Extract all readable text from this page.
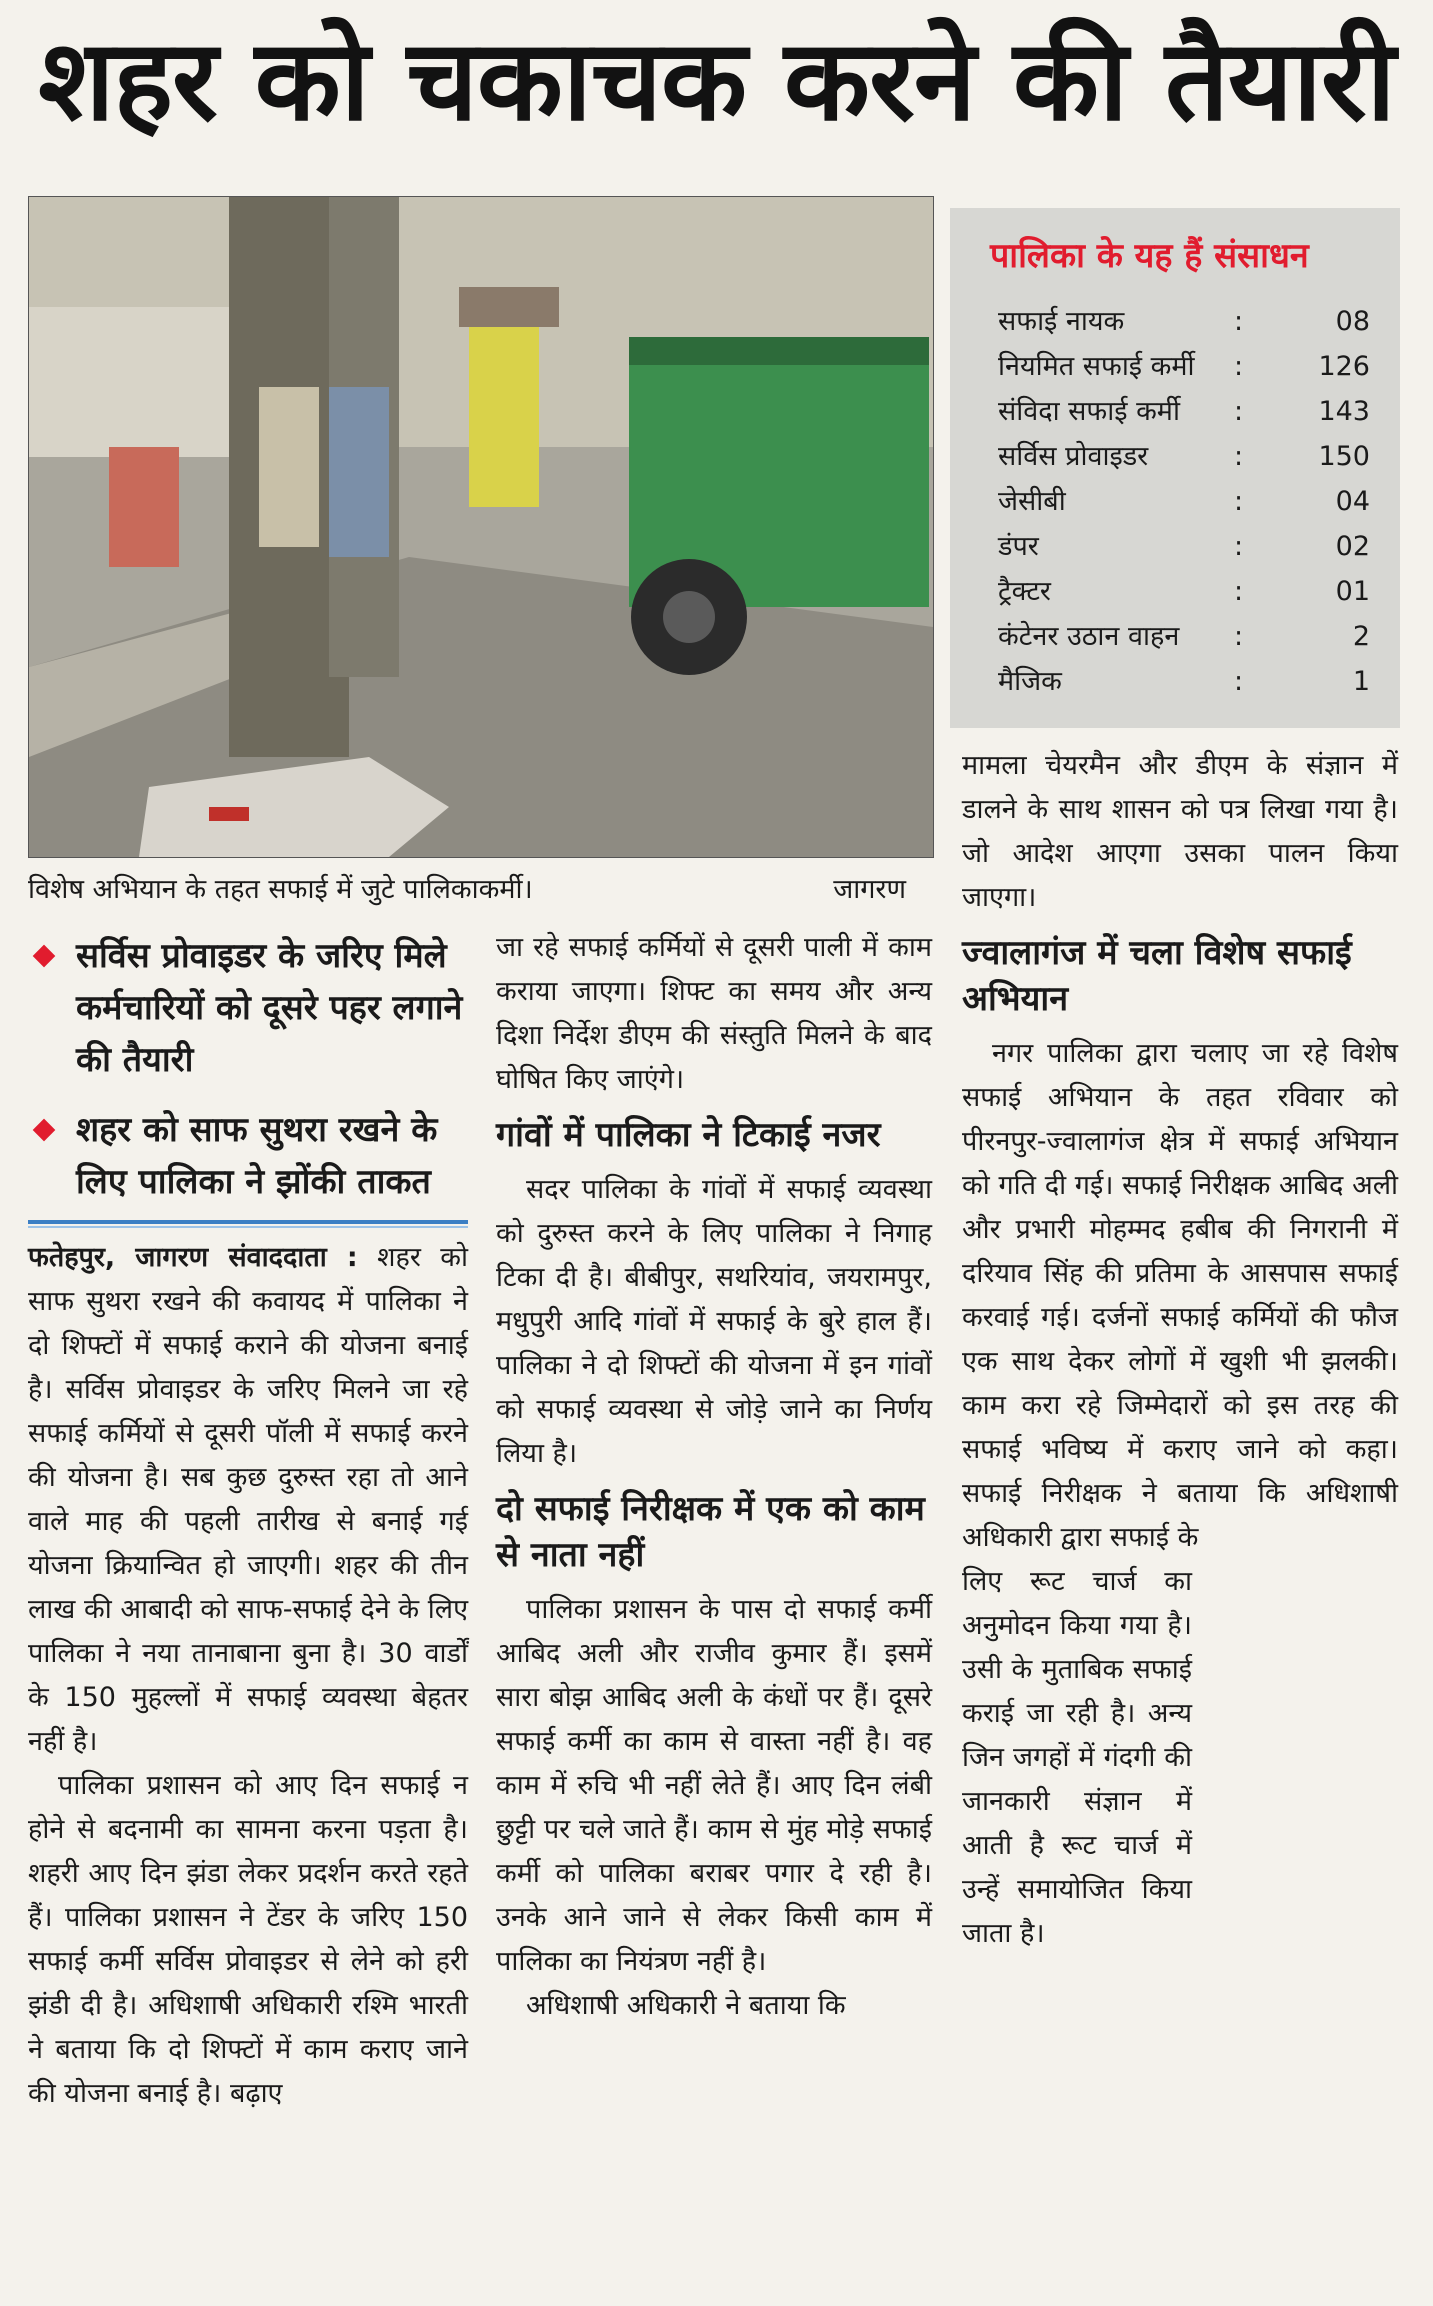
शहर को चकाचक करने की तैयारी
विशेष अभियान के तहत सफाई में जुटे पालिकाकर्मी।	जागरण
पालिका के यह हैं संसाधन
सफाई नायक	:	08
नियमित सफाई कर्मी :	126
संविदा सफाई कर्मी :	143
सर्विस प्रोवाइडर	:	150
जेसीबी	:	04
डंपर	:	02
ट्रैक्टर	:	01
कंटेनर उठान वाहन :	2
मैजिक	:	1
सर्विस प्रोवाइडर के जरिए मिले कर्मचारियों को दूसरे पहर लगाने की तैयारी
शहर को साफ सुथरा रखने के लिए पालिका ने झोंकी ताकत

फतेहपुर, जागरण संवाददाता : शहर को साफ सुथरा रखने की कवायद में पालिका ने दो शिफ्टों में सफाई कराने की योजना बनाई है। सर्विस प्रोवाइडर के जरिए मिलने जा रहे सफाई कर्मियों से दूसरी पॉली में सफाई करने की योजना है। सब कुछ दुरुस्त रहा तो आने वाले माह की पहली तारीख से बनाई गई योजना क्रियान्वित हो जाएगी। शहर की तीन लाख की आबादी को साफ-सफाई देने के लिए पालिका ने नया तानाबाना बुना है। 30 वार्डों के 150 मुहल्लों में सफाई व्यवस्था बेहतर नहीं है।

पालिका प्रशासन को आए दिन सफाई न होने से बदनामी का सामना करना पड़ता है। शहरी आए दिन झंडा लेकर प्रदर्शन करते रहते हैं। पालिका प्रशासन ने टेंडर के जरिए 150 सफाई कर्मी सर्विस प्रोवाइडर से लेने को हरी झंडी दी है। अधिशाषी अधिकारी रश्मि भारती ने बताया कि दो शिफ्टों में काम कराए जाने की योजना बनाई है। बढ़ाए

जा रहे सफाई कर्मियों से दूसरी पाली में काम कराया जाएगा। शिफ्ट का समय और अन्य दिशा निर्देश डीएम की संस्तुति मिलने के बाद घोषित किए जाएंगे।

गांवों में पालिका ने टिकाई नजर

सदर पालिका के गांवों में सफाई व्यवस्था को दुरुस्त करने के लिए पालिका ने निगाह टिका दी है। बीबीपुर, सथरियांव, जयरामपुर, मधुपुरी आदि गांवों में सफाई के बुरे हाल हैं। पालिका ने दो शिफ्टों की योजना में इन गांवों को सफाई व्यवस्था से जोड़े जाने का निर्णय लिया है।

दो सफाई निरीक्षक में एक को काम से नाता नहीं

पालिका प्रशासन के पास दो सफाई कर्मी आबिद अली और राजीव कुमार हैं। इसमें सारा बोझ आबिद अली के कंधों पर हैं। दूसरे सफाई कर्मी का काम से वास्ता नहीं है। वह काम में रुचि भी नहीं लेते हैं। आए दिन लंबी छुट्टी पर चले जाते हैं। काम से मुंह मोड़े सफाई कर्मी को पालिका बराबर पगार दे रही है। उनके आने जाने से लेकर किसी काम में पालिका का नियंत्रण नहीं है।

अधिशाषी अधिकारी ने बताया कि

मामला चेयरमैन और डीएम के संज्ञान में डालने के साथ शासन को पत्र लिखा गया है। जो आदेश आएगा उसका पालन किया जाएगा।

ज्वालागंज में चला विशेष सफाई अभियान

नगर पालिका द्वारा चलाए जा रहे विशेष सफाई अभियान के तहत रविवार को पीरनपुर-ज्वालागंज क्षेत्र में सफाई अभियान को गति दी गई। सफाई निरीक्षक आबिद अली और प्रभारी मोहम्मद हबीब की निगरानी में दरियाव सिंह की प्रतिमा के आसपास सफाई करवाई गई। दर्जनों सफाई कर्मियों की फौज एक साथ देकर लोगों में खुशी भी झलकी। काम करा रहे जिम्मेदारों को इस तरह की सफाई भविष्य में कराए जाने को कहा। सफाई निरीक्षक ने बताया कि अधिशाषी अधिकारी द्वारा सफाई के

लिए रूट चार्ज का अनुमोदन किया गया है। उसी के मुताबिक सफाई कराई जा रही है। अन्य जिन जगहों में गंदगी की जानकारी संज्ञान में आती है रूट चार्ज में उन्हें समायोजित किया जाता है।
